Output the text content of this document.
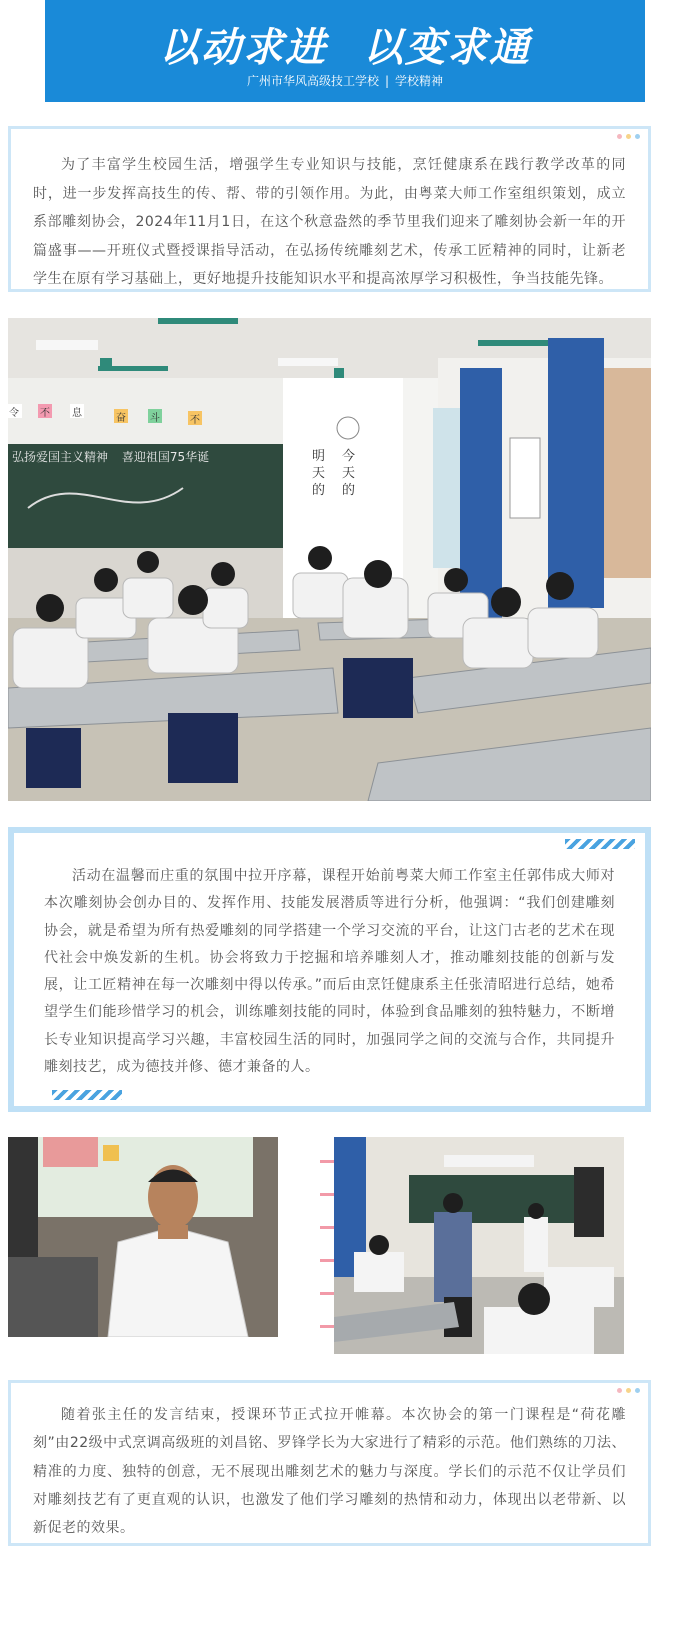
以动求进 以变求通
广州市华风高级技工学校 | 学校精神

为了丰富学生校园生活，增强学生专业知识与技能，烹饪健康系在践行教学改革的同时，进一步发挥高技生的传、帮、带的引领作用。为此，由粤菜大师工作室组织策划，成立系部雕刻协会，2024年11月1日，在这个秋意盎然的季节里我们迎来了雕刻协会新一年的开篇盛事——开班仪式暨授课指导活动，在弘扬传统雕刻艺术，传承工匠精神的同时，让新老学生在原有学习基础上，更好地提升技能知识水平和提高浓厚学习积极性，争当技能先锋。

弘扬爱国主义精神 喜迎祖国75华诞	明天的
今天的
令 不 息	奋 斗	不

活动在温馨而庄重的氛围中拉开序幕，课程开始前粤菜大师工作室主任郭伟成大师对本次雕刻协会创办目的、发挥作用、技能发展潜质等进行分析，他强调：“我们创建雕刻协会，就是希望为所有热爱雕刻的同学搭建一个学习交流的平台，让这门古老的艺术在现代社会中焕发新的生机。协会将致力于挖掘和培养雕刻人才，推动雕刻技能的创新与发展，让工匠精神在每一次雕刻中得以传承。”而后由烹饪健康系主任张清昭进行总结，她希望学生们能珍惜学习的机会，训练雕刻技能的同时，体验到食品雕刻的独特魅力，不断增长专业知识提高学习兴趣，丰富校园生活的同时，加强同学之间的交流与合作，共同提升雕刻技艺，成为德技并修、德才兼备的人。

随着张主任的发言结束，授课环节正式拉开帷幕。本次协会的第一门课程是“荷花雕刻”由22级中式烹调高级班的刘昌铭、罗锋学长为大家进行了精彩的示范。他们熟练的刀法、精准的力度、独特的创意，无不展现出雕刻艺术的魅力与深度。学长们的示范不仅让学员们对雕刻技艺有了更直观的认识，也激发了他们学习雕刻的热情和动力，体现出以老带新、以新促老的效果。
